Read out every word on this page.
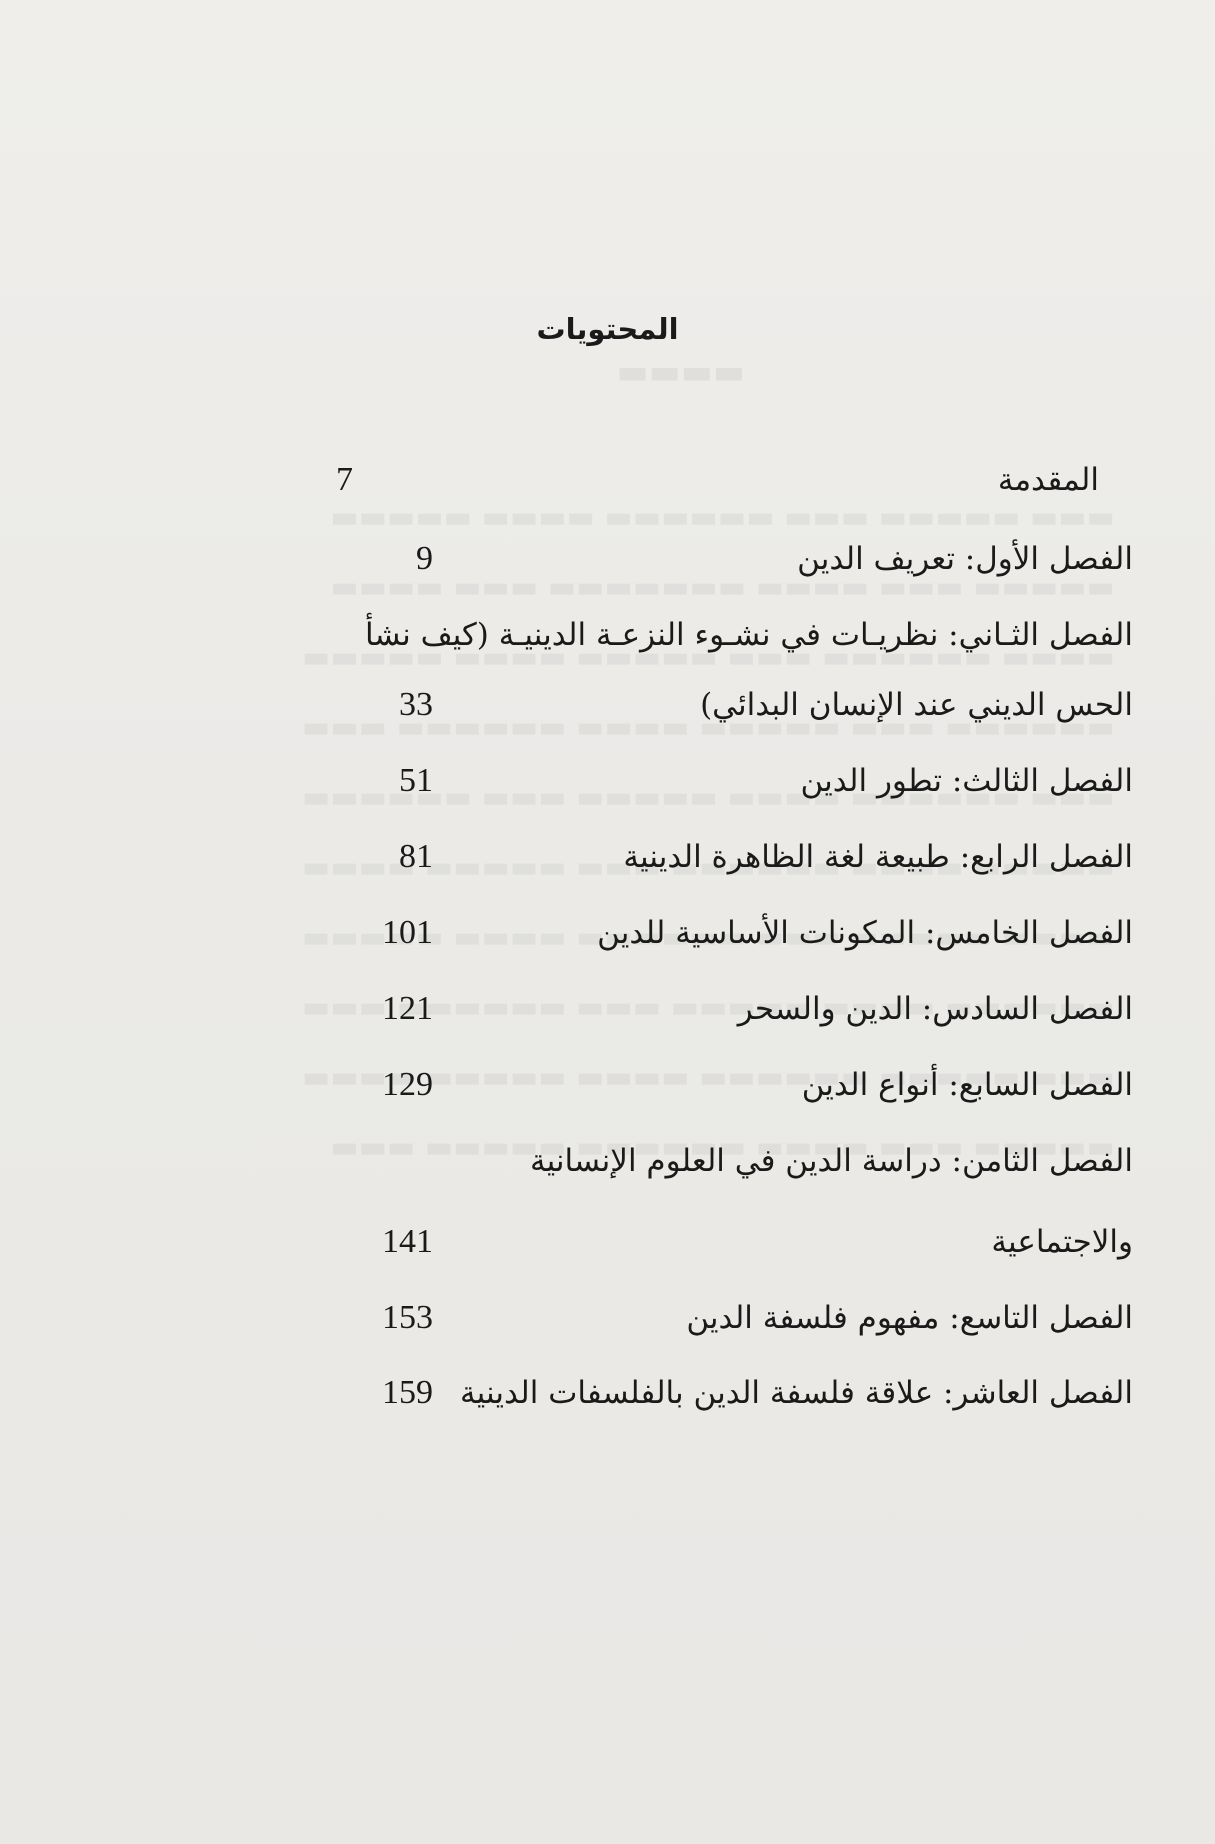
▬▬▬▬
المحتويات
المقدمة
7
الفصل الأول: تعريف الدين
9
الفصل الثـاني: نظريـات في نشـوء النزعـة الدينيـة (كيف نشأ
الحس الديني عند الإنسان البدائي)
33
الفصل الثالث: تطور الدين
51
الفصل الرابع: طبيعة لغة الظاهرة الدينية
81
الفصل الخامس: المكونات الأساسية للدين
101
الفصل السادس: الدين والسحر
121
الفصل السابع: أنواع الدين
129
الفصل الثامن: دراسة الدين في العلوم الإنسانية
والاجتماعية
141
الفصل التاسع: مفهوم فلسفة الدين
153
الفصل العاشر: علاقة فلسفة الدين بالفلسفات الدينية
159
